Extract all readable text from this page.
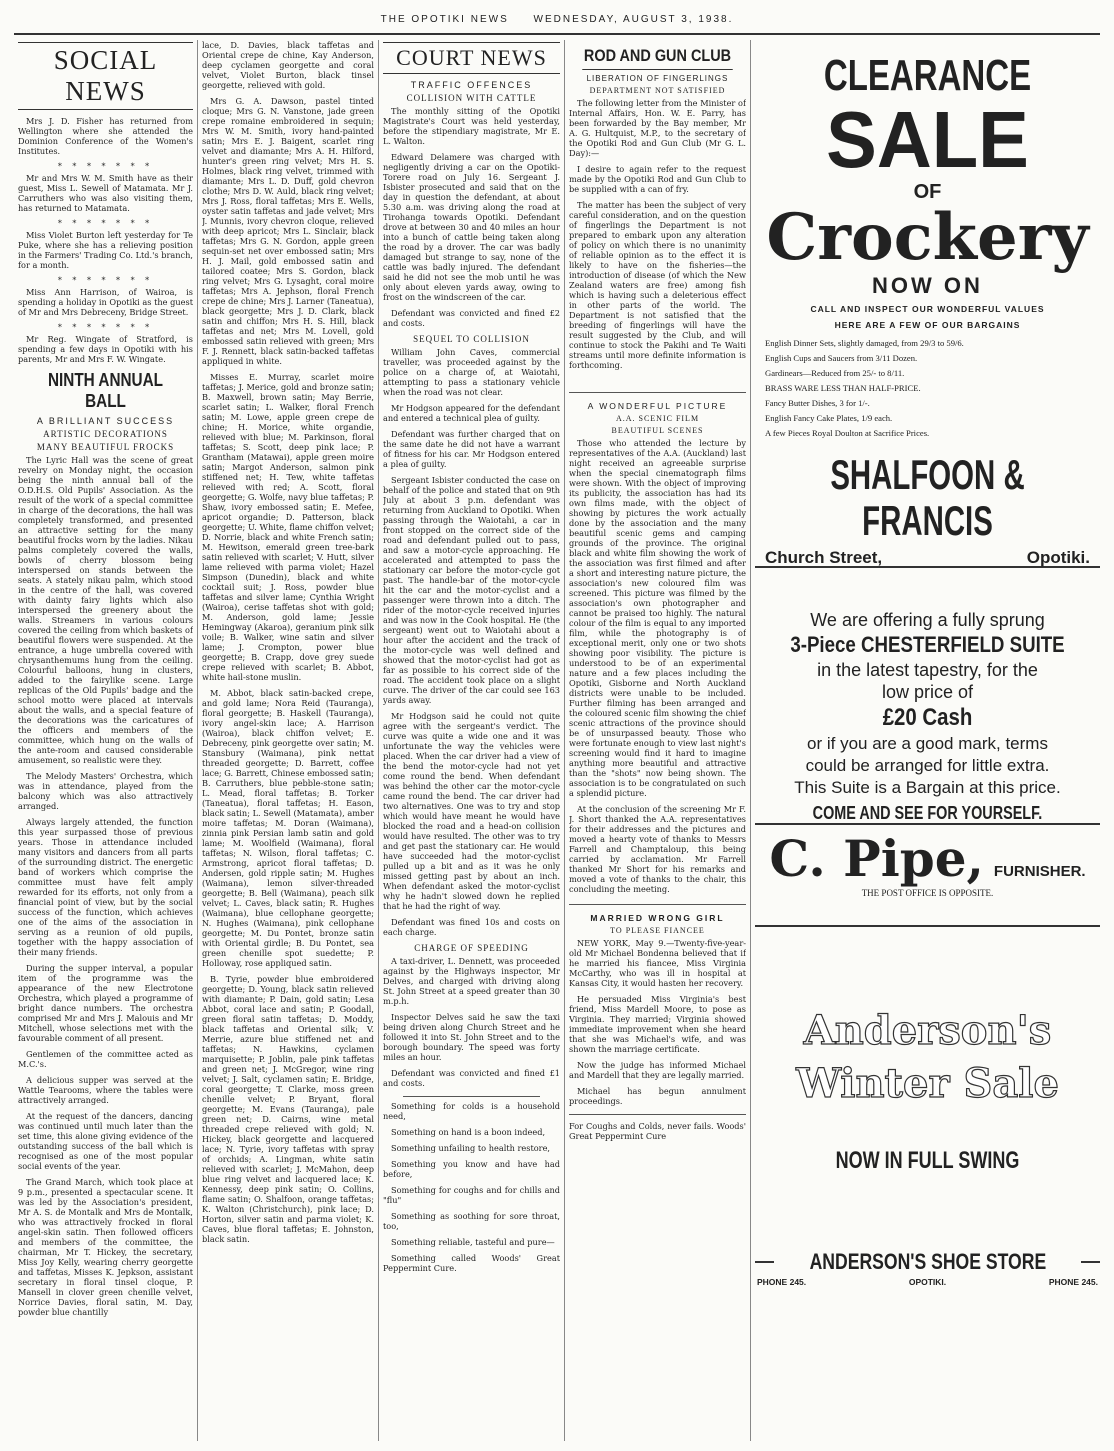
THE OPOTIKI NEWS WEDNESDAY, AUGUST 3, 1938.
SOCIAL NEWS

Mrs J. D. Fisher has returned from Wellington where she attended the Dominion Conference of the Women's Institutes.

* * * * * * *

Mr and Mrs W. M. Smith have as their guest, Miss L. Sewell of Matamata. Mr J. Carruthers who was also visiting them, has returned to Matamata.

* * * * * * *

Miss Violet Burton left yesterday for Te Puke, where she has a relieving position in the Farmers' Trading Co. Ltd.'s branch, for a month.

* * * * * * *

Miss Ann Harrison, of Wairoa, is spending a holiday in Opotiki as the guest of Mr and Mrs Debreceny, Bridge Street.

* * * * * * *

Mr Reg. Wingate of Stratford, is spending a few days in Opotiki with his parents, Mr and Mrs F. W. Wingate.

NINTH ANNUAL BALL
A BRILLIANT SUCCESS
ARTISTIC DECORATIONS
MANY BEAUTIFUL FROCKS

The Lyric Hall was the scene of great revelry on Monday night, the occasion being the ninth annual ball of the O.D.H.S. Old Pupils' Association. As the result of the work of a special committee in charge of the decorations, the hall was completely transformed, and presented an attractive setting for the many beautiful frocks worn by the ladies. Nikau palms completely covered the walls, bowls of cherry blossom being interspersed on stands between the seats. A stately nikau palm, which stood in the centre of the hall, was covered with dainty fairy lights which also interspersed the greenery about the walls. Streamers in various colours covered the ceiling from which baskets of beautiful flowers were suspended. At the entrance, a huge umbrella covered with chrysanthemums hung from the ceiling. Colourful balloons, hung in clusters, added to the fairylike scene. Large replicas of the Old Pupils' badge and the school motto were placed at intervals about the walls, and a special feature of the decorations was the caricatures of the officers and members of the committee, which hung on the walls of the ante-room and caused considerable amusement, so realistic were they.

The Melody Masters' Orchestra, which was in attendance, played from the balcony which was also attractively arranged.

Always largely attended, the function this year surpassed those of previous years. Those in attendance included many visitors and dancers from all parts of the surrounding district. The energetic band of workers which comprise the committee must have felt amply rewarded for its efforts, not only from a financial point of view, but by the social success of the function, which achieves one of the aims of the association in serving as a reunion of old pupils, together with the happy association of their many friends.

During the supper interval, a popular item of the programme was the appearance of the new Electrotone Orchestra, which played a programme of bright dance numbers. The orchestra comprised Mr and Mrs J. Malouis and Mr Mitchell, whose selections met with the favourable comment of all present.

Gentlemen of the committee acted as M.C.'s.

A delicious supper was served at the Wattle Tearooms, where the tables were attractively arranged.

At the request of the dancers, dancing was continued until much later than the set time, this alone giving evidence of the outstanding success of the ball which is recognised as one of the most popular social events of the year.

The Grand March, which took place at 9 p.m., presented a spectacular scene. It was led by the Association's president, Mr A. S. de Montalk and Mrs de Montalk, who was attractively frocked in floral angel-skin satin. Then followed officers and members of the committee, the chairman, Mr T. Hickey, the secretary, Miss Joy Kelly, wearing cherry georgette and taffetas, Misses K. Jepkson, assistant secretary in floral tinsel cloque, P. Mansell in clover green chenille velvet, Norrice Davies, floral satin, M. Day, powder blue chantilly

lace, D. Davies, black taffetas and Oriental crepe de chine, Kay Anderson, deep cyclamen georgette and coral velvet, Violet Burton, black tinsel georgette, relieved with gold.

Mrs G. A. Dawson, pastel tinted cloque; Mrs G. N. Vanstone, jade green crepe romaine embroidered in sequin; Mrs W. M. Smith, ivory hand-painted satin; Mrs E. J. Baigent, scarlet ring velvet and diamante; Mrs A. H. Hilford, hunter's green ring velvet; Mrs H. S. Holmes, black ring velvet, trimmed with diamante; Mrs L. D. Duff, gold chevron clothe; Mrs D. W. Auld, black ring velvet; Mrs J. Ross, floral taffetas; Mrs E. Wells, oyster satin taffetas and jade velvet; Mrs J. Munnis, ivory chevron cloque, relieved with deep apricot; Mrs L. Sinclair, black taffetas; Mrs G. N. Gordon, apple green sequin-set net over embossed satin; Mrs H. J. Mail, gold embossed satin and tailored coatee; Mrs S. Gordon, black ring velvet; Mrs G. Lysaght, coral moire taffetas; Mrs A. Jephson, floral French crepe de chine; Mrs J. Larner (Taneatua), black georgette; Mrs J. D. Clark, black satin and chiffon; Mrs H. S. Hill, black taffetas and net; Mrs M. Lovell, gold embossed satin relieved with green; Mrs F. J. Rennett, black satin-backed taffetas appliqued in white.

Misses E. Murray, scarlet moire taffetas; J. Merice, gold and bronze satin; B. Maxwell, brown satin; May Berrie, scarlet satin; L. Walker, floral French satin; M. Lowe, apple green crepe de chine; H. Morice, white organdie, relieved with blue; M. Parkinson, floral taffetas; S. Scott, deep pink lace; P. Grantham (Matawai), apple green moire satin; Margot Anderson, salmon pink stiffened net; H. Tew, white taffetas relieved with red; A. Scott, floral georgette; G. Wolfe, navy blue taffetas; P. Shaw, ivory embossed satin; E. Mefee, apricot organdie; D. Patterson, black georgette; U. White, flame chiffon velvet; D. Norrie, black and white French satin; M. Hewitson, emerald green tree-bark satin relieved with scarlet; V. Hutt, silver lame relieved with parma violet; Hazel Simpson (Dunedin), black and white cocktail suit; J. Ross, powder blue taffetas and silver lame; Cynthia Wright (Wairoa), cerise taffetas shot with gold; M. Anderson, gold lame; Jessie Hemingway (Akaroa), geranium pink silk voile; B. Walker, wine satin and silver lame; J. Crompton, power blue georgette; B. Crapp, dove grey suede crepe relieved with scarlet; B. Abbot, white hail-stone muslin.

M. Abbot, black satin-backed crepe, and gold lame; Nora Reid (Tauranga), floral georgette; B. Haskell (Tauranga), ivory angel-skin lace; A. Harrison (Wairoa), black chiffon velvet; E. Debreceny, pink georgette over satin; M. Stansbury (Waimana), pink nettat threaded georgette; D. Barrett, coffee lace; G. Barrett, Chinese embossed satin; B. Carruthers, blue pebble-stone satin; L. Mead, floral taffetas; B. Torker (Taneatua), floral taffetas; H. Eason, black satin; L. Sewell (Matamata), amber moire taffetas; M. Doran (Waimana), zinnia pink Persian lamb satin and gold lame; M. Woolfield (Waimana), floral taffetas; N. Wilson, floral taffetas; C. Armstrong, apricot floral taffetas; D. Andersen, gold ripple satin; M. Hughes (Waimana), lemon silver-threaded georgette; B. Bell (Waimana), peach silk velvet; L. Caves, black satin; R. Hughes (Waimana), blue cellophane georgette; N. Hughes (Waimana), pink cellophane georgette; M. Du Pontet, bronze satin with Oriental girdle; B. Du Pontet, sea green chenille spot suedette; P. Holloway, rose appliqued satin.

B. Tyrie, powder blue embroidered georgette; D. Young, black satin relieved with diamante; P. Dain, gold satin; Lesa Abbot, coral lace and satin; P. Goodall, green floral satin taffetas; D. Moddy, black taffetas and Oriental silk; V. Merrie, azure blue stiffened net and taffetas; N. Hawkins, cyclamen marquisette; P. Joblin, pale pink taffetas and green net; J. McGregor, wine ring velvet; J. Salt, cyclamen satin; E. Bridge, coral georgette; T. Clarke, moss green chenille velvet; P. Bryant, floral georgette; M. Evans (Tauranga), pale green net; D. Cairns, wine metal threaded crepe relieved with gold; N. Hickey, black georgette and lacquered lace; N. Tyrie, ivory taffetas with spray of orchids; A. Lingman, white satin relieved with scarlet; J. McMahon, deep blue ring velvet and lacquered lace; K. Kennessy, deep pink satin; O. Collins, flame satin; O. Shalfoon, orange taffetas; K. Walton (Christchurch), pink lace; D. Horton, silver satin and parma violet; K. Caves, blue floral taffetas; E. Johnston, black satin.

COURT NEWS
TRAFFIC OFFENCES
COLLISION WITH CATTLE

The monthly sitting of the Opotiki Magistrate's Court was held yesterday, before the stipendiary magistrate, Mr E. L. Walton.

Edward Delamere was charged with negligently driving a car on the Opotiki-Torere road on July 16. Sergeant J. Isbister prosecuted and said that on the day in question the defendant, at about 5.30 a.m. was driving along the road at Tirohanga towards Opotiki. Defendant drove at between 30 and 40 miles an hour into a bunch of cattle being taken along the road by a drover. The car was badly damaged but strange to say, none of the cattle was badly injured. The defendant said he did not see the mob until he was only about eleven yards away, owing to frost on the windscreen of the car.

Defendant was convicted and fined £2 and costs.

SEQUEL TO COLLISION

William John Caves, commercial traveller, was proceeded against by the police on a charge of, at Waiotahi, attempting to pass a stationary vehicle when the road was not clear.

Mr Hodgson appeared for the defendant and entered a technical plea of guilty.

Defendant was further charged that on the same date he did not have a warrant of fitness for his car. Mr Hodgson entered a plea of guilty.

Sergeant Isbister conducted the case on behalf of the police and stated that on 9th July at about 3 p.m. defendant was returning from Auckland to Opotiki. When passing through the Waiotahi, a car in front stopped on the correct side of the road and defendant pulled out to pass, and saw a motor-cycle approaching. He accelerated and attempted to pass the stationary car before the motor-cycle got past. The handle-bar of the motor-cycle hit the car and the motor-cyclist and a passenger were thrown into a ditch. The rider of the motor-cycle received injuries and was now in the Cook hospital. He (the sergeant) went out to Waiotahi about a hour after the accident and the track of the motor-cycle was well defined and showed that the motor-cyclist had got as far as possible to his correct side of the road. The accident took place on a slight curve. The driver of the car could see 163 yards away.

Mr Hodgson said he could not quite agree with the sergeant's verdict. The curve was quite a wide one and it was unfortunate the way the vehicles were placed. When the car driver had a view of the bend the motor-cycle had not yet come round the bend. When defendant was behind the other car the motor-cycle came round the bend. The car driver had two alternatives. One was to try and stop which would have meant he would have blocked the road and a head-on collision would have resulted. The other was to try and get past the stationary car. He would have succeeded had the motor-cyclist pulled up a bit and as it was he only missed getting past by about an inch. When defendant asked the motor-cyclist why he hadn't slowed down he replied that he had the right of way.

Defendant was fined 10s and costs on each charge.

CHARGE OF SPEEDING

A taxi-driver, L. Dennett, was proceeded against by the Highways inspector, Mr Delves, and charged with driving along St. John Street at a speed greater than 30 m.p.h.

Inspector Delves said he saw the taxi being driven along Church Street and he followed it into St. John Street and to the borough boundary. The speed was forty miles an hour.

Defendant was convicted and fined £1 and costs.

Something for colds is a household need,

Something on hand is a boon indeed,

Something unfailing to health restore,

Something you know and have had before,

Something for coughs and for chills and "flu"

Something as soothing for sore throat, too,

Something reliable, tasteful and pure—

Something called Woods' Great Peppermint Cure.

ROD AND GUN CLUB
LIBERATION OF FINGERLINGS
DEPARTMENT NOT SATISFIED

The following letter from the Minister of Internal Affairs, Hon. W. E. Parry, has been forwarded by the Bay member, Mr A. G. Hultquist, M.P., to the secretary of the Opotiki Rod and Gun Club (Mr G. L. Day):—

I desire to again refer to the request made by the Opotiki Rod and Gun Club to be supplied with a can of fry.

The matter has been the subject of very careful consideration, and on the question of fingerlings the Department is not prepared to embark upon any alteration of policy on which there is no unanimity of reliable opinion as to the effect it is likely to have on the fisheries—the introduction of disease (of which the New Zealand waters are free) among fish which is having such a deleterious effect in other parts of the world. The Department is not satisfied that the breeding of fingerlings will have the result suggested by the Club, and will continue to stock the Pakihi and Te Waiti streams until more definite information is forthcoming.

A WONDERFUL PICTURE
A.A. SCENIC FILM
BEAUTIFUL SCENES

Those who attended the lecture by representatives of the A.A. (Auckland) last night received an agreeable surprise when the special cinematograph films were shown. With the object of improving its publicity, the association has had its own films made, with the object of showing by pictures the work actually done by the association and the many beautiful scenic gems and camping grounds of the province. The original black and white film showing the work of the association was first filmed and after a short and interesting nature picture, the association's new coloured film was screened. This picture was filmed by the association's own photographer and cannot be praised too highly. The natural colour of the film is equal to any imported film, while the photography is of exceptional merit, only one or two shots showing poor visibility. The picture is understood to be of an experimental nature and a few places including the Opotiki, Gisborne and North Auckland districts were unable to be included. Further filming has been arranged and the coloured scenic film showing the chief scenic attractions of the province should be of unsurpassed beauty. Those who were fortunate enough to view last night's screening would find it hard to imagine anything more beautiful and attractive than the "shots" now being shown. The association is to be congratulated on such a splendid picture.

At the conclusion of the screening Mr F. J. Short thanked the A.A. representatives for their addresses and the pictures and moved a hearty vote of thanks to Messrs Farrell and Champtaloup, this being carried by acclamation. Mr Farrell thanked Mr Short for his remarks and moved a vote of thanks to the chair, this concluding the meeting.

MARRIED WRONG GIRL
TO PLEASE FIANCEE

NEW YORK, May 9.—Twenty-five-year-old Mr Michael Bondenna believed that if he married his fiancee, Miss Virginia McCarthy, who was ill in hospital at Kansas City, it would hasten her recovery.

He persuaded Miss Virginia's best friend, Miss Mardell Moore, to pose as Virginia. They married; Virginia showed immediate improvement when she heard that she was Michael's wife, and was shown the marriage certificate.

Now the judge has informed Michael and Mardell that they are legally married.

Michael has begun annulment proceedings.

For Coughs and Colds, never fails. Woods' Great Peppermint Cure

CLEARANCE
SALE
OF
Crockery
NOW ON
CALL AND INSPECT OUR WONDERFUL VALUES
HERE ARE A FEW OF OUR BARGAINS

English Dinner Sets, slightly damaged, from 29/3 to 59/6.

English Cups and Saucers from 3/11 Dozen.

Gardinears—Reduced from 25/- to 8/11.

BRASS WARE LESS THAN HALF-PRICE.

Fancy Butter Dishes, 3 for 1/-.

English Fancy Cake Plates, 1/9 each.

A few Pieces Royal Doulton at Sacrifice Prices.

SHALFOON & FRANCIS
Church Street,	Opotiki.
We are offering a fully sprung
3-Piece CHESTERFIELD SUITE
in the latest tapestry, for the
low price of
£20 Cash
or if you are a good mark, terms
could be arranged for little extra.
This Suite is a Bargain at this price.
COME AND SEE FOR YOURSELF.
C. Pipe, FURNISHER.
THE POST OFFICE IS OPPOSITE.
Anderson's
Winter Sale
NOW IN FULL SWING
ANDERSON'S SHOE STORE
PHONE 245.	OPOTIKI.	PHONE 245.
